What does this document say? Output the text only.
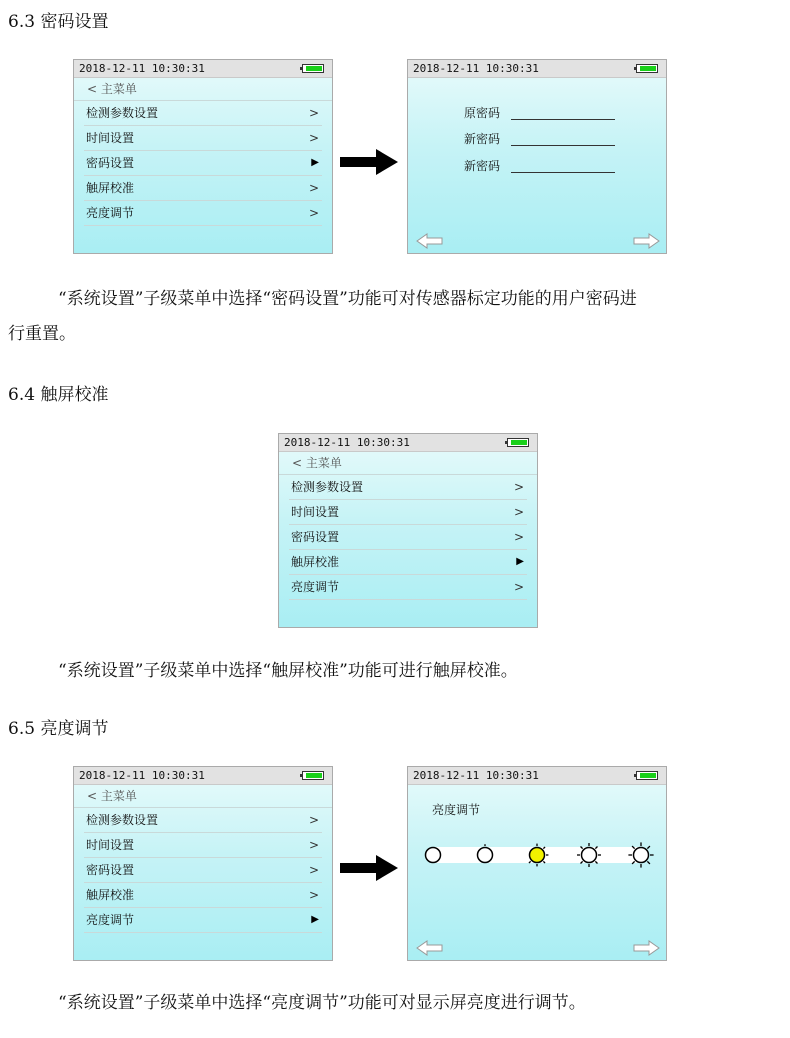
6.3 密码设置
2018-12-11 10:30:31
< 主菜单
检测参数设置	>
时间设置	>
密码设置	▶
触屏校准	>
亮度调节	>
2018-12-11 10:30:31
原密码
新密码
新密码
“系统设置”子级菜单中选择“密码设置”功能可对传感器标定功能的用户密码进
行重置。
6.4 触屏校准
2018-12-11 10:30:31
< 主菜单
检测参数设置	>
时间设置	>
密码设置	>
触屏校准	▶
亮度调节	>
“系统设置”子级菜单中选择“触屏校准”功能可进行触屏校准。
6.5 亮度调节
2018-12-11 10:30:31
< 主菜单
检测参数设置	>
时间设置	>
密码设置	>
触屏校准	>
亮度调节	▶
2018-12-11 10:30:31
亮度调节
“系统设置”子级菜单中选择“亮度调节”功能可对显示屏亮度进行调节。
